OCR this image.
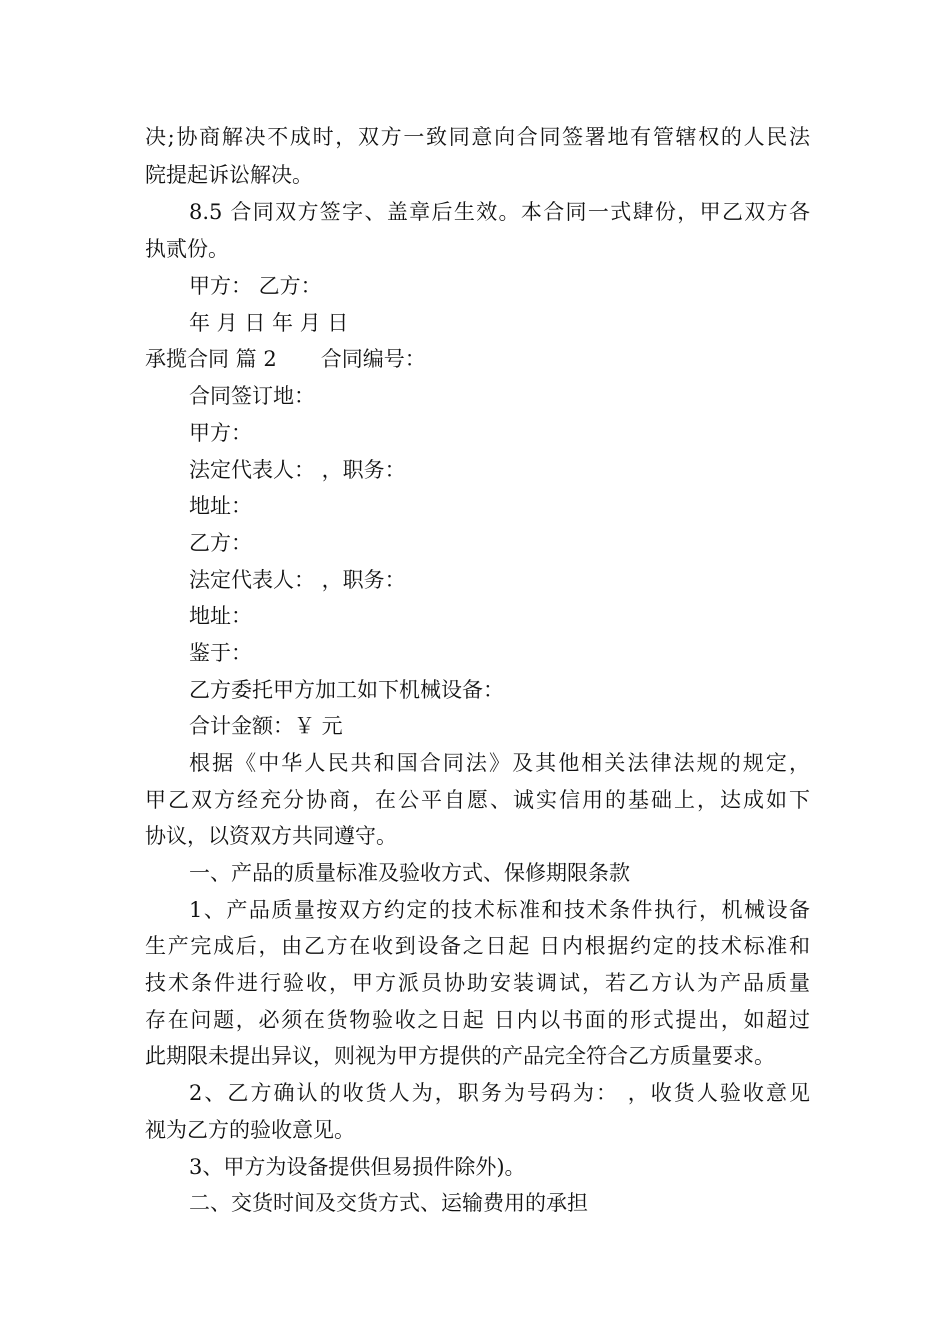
决;协商解决不成时，双方一致同意向合同签署地有管辖权的人民法
院提起诉讼解决。
8.5 合同双方签字、盖章后生效。本合同一式肆份，甲乙双方各
执贰份。
甲方： 乙方：
年 月 日 年 月 日
承揽合同 篇 2 合同编号：
合同签订地：
甲方：
法定代表人： ，职务：
地址：
乙方：
法定代表人： ，职务：
地址：
鉴于：
乙方委托甲方加工如下机械设备：
合计金额：￥ 元
根据《中华人民共和国合同法》及其他相关法律法规的规定，
甲乙双方经充分协商，在公平自愿、诚实信用的基础上，达成如下
协议，以资双方共同遵守。
一、产品的质量标准及验收方式、保修期限条款
1、产品质量按双方约定的技术标准和技术条件执行，机械设备
生产完成后，由乙方在收到设备之日起 日内根据约定的技术标准和
技术条件进行验收，甲方派员协助安装调试，若乙方认为产品质量
存在问题，必须在货物验收之日起 日内以书面的形式提出，如超过
此期限未提出异议，则视为甲方提供的产品完全符合乙方质量要求。
2、乙方确认的收货人为，职务为号码为： ，收货人验收意见
视为乙方的验收意见。
3、甲方为设备提供但易损件除外)。
二、交货时间及交货方式、运输费用的承担
